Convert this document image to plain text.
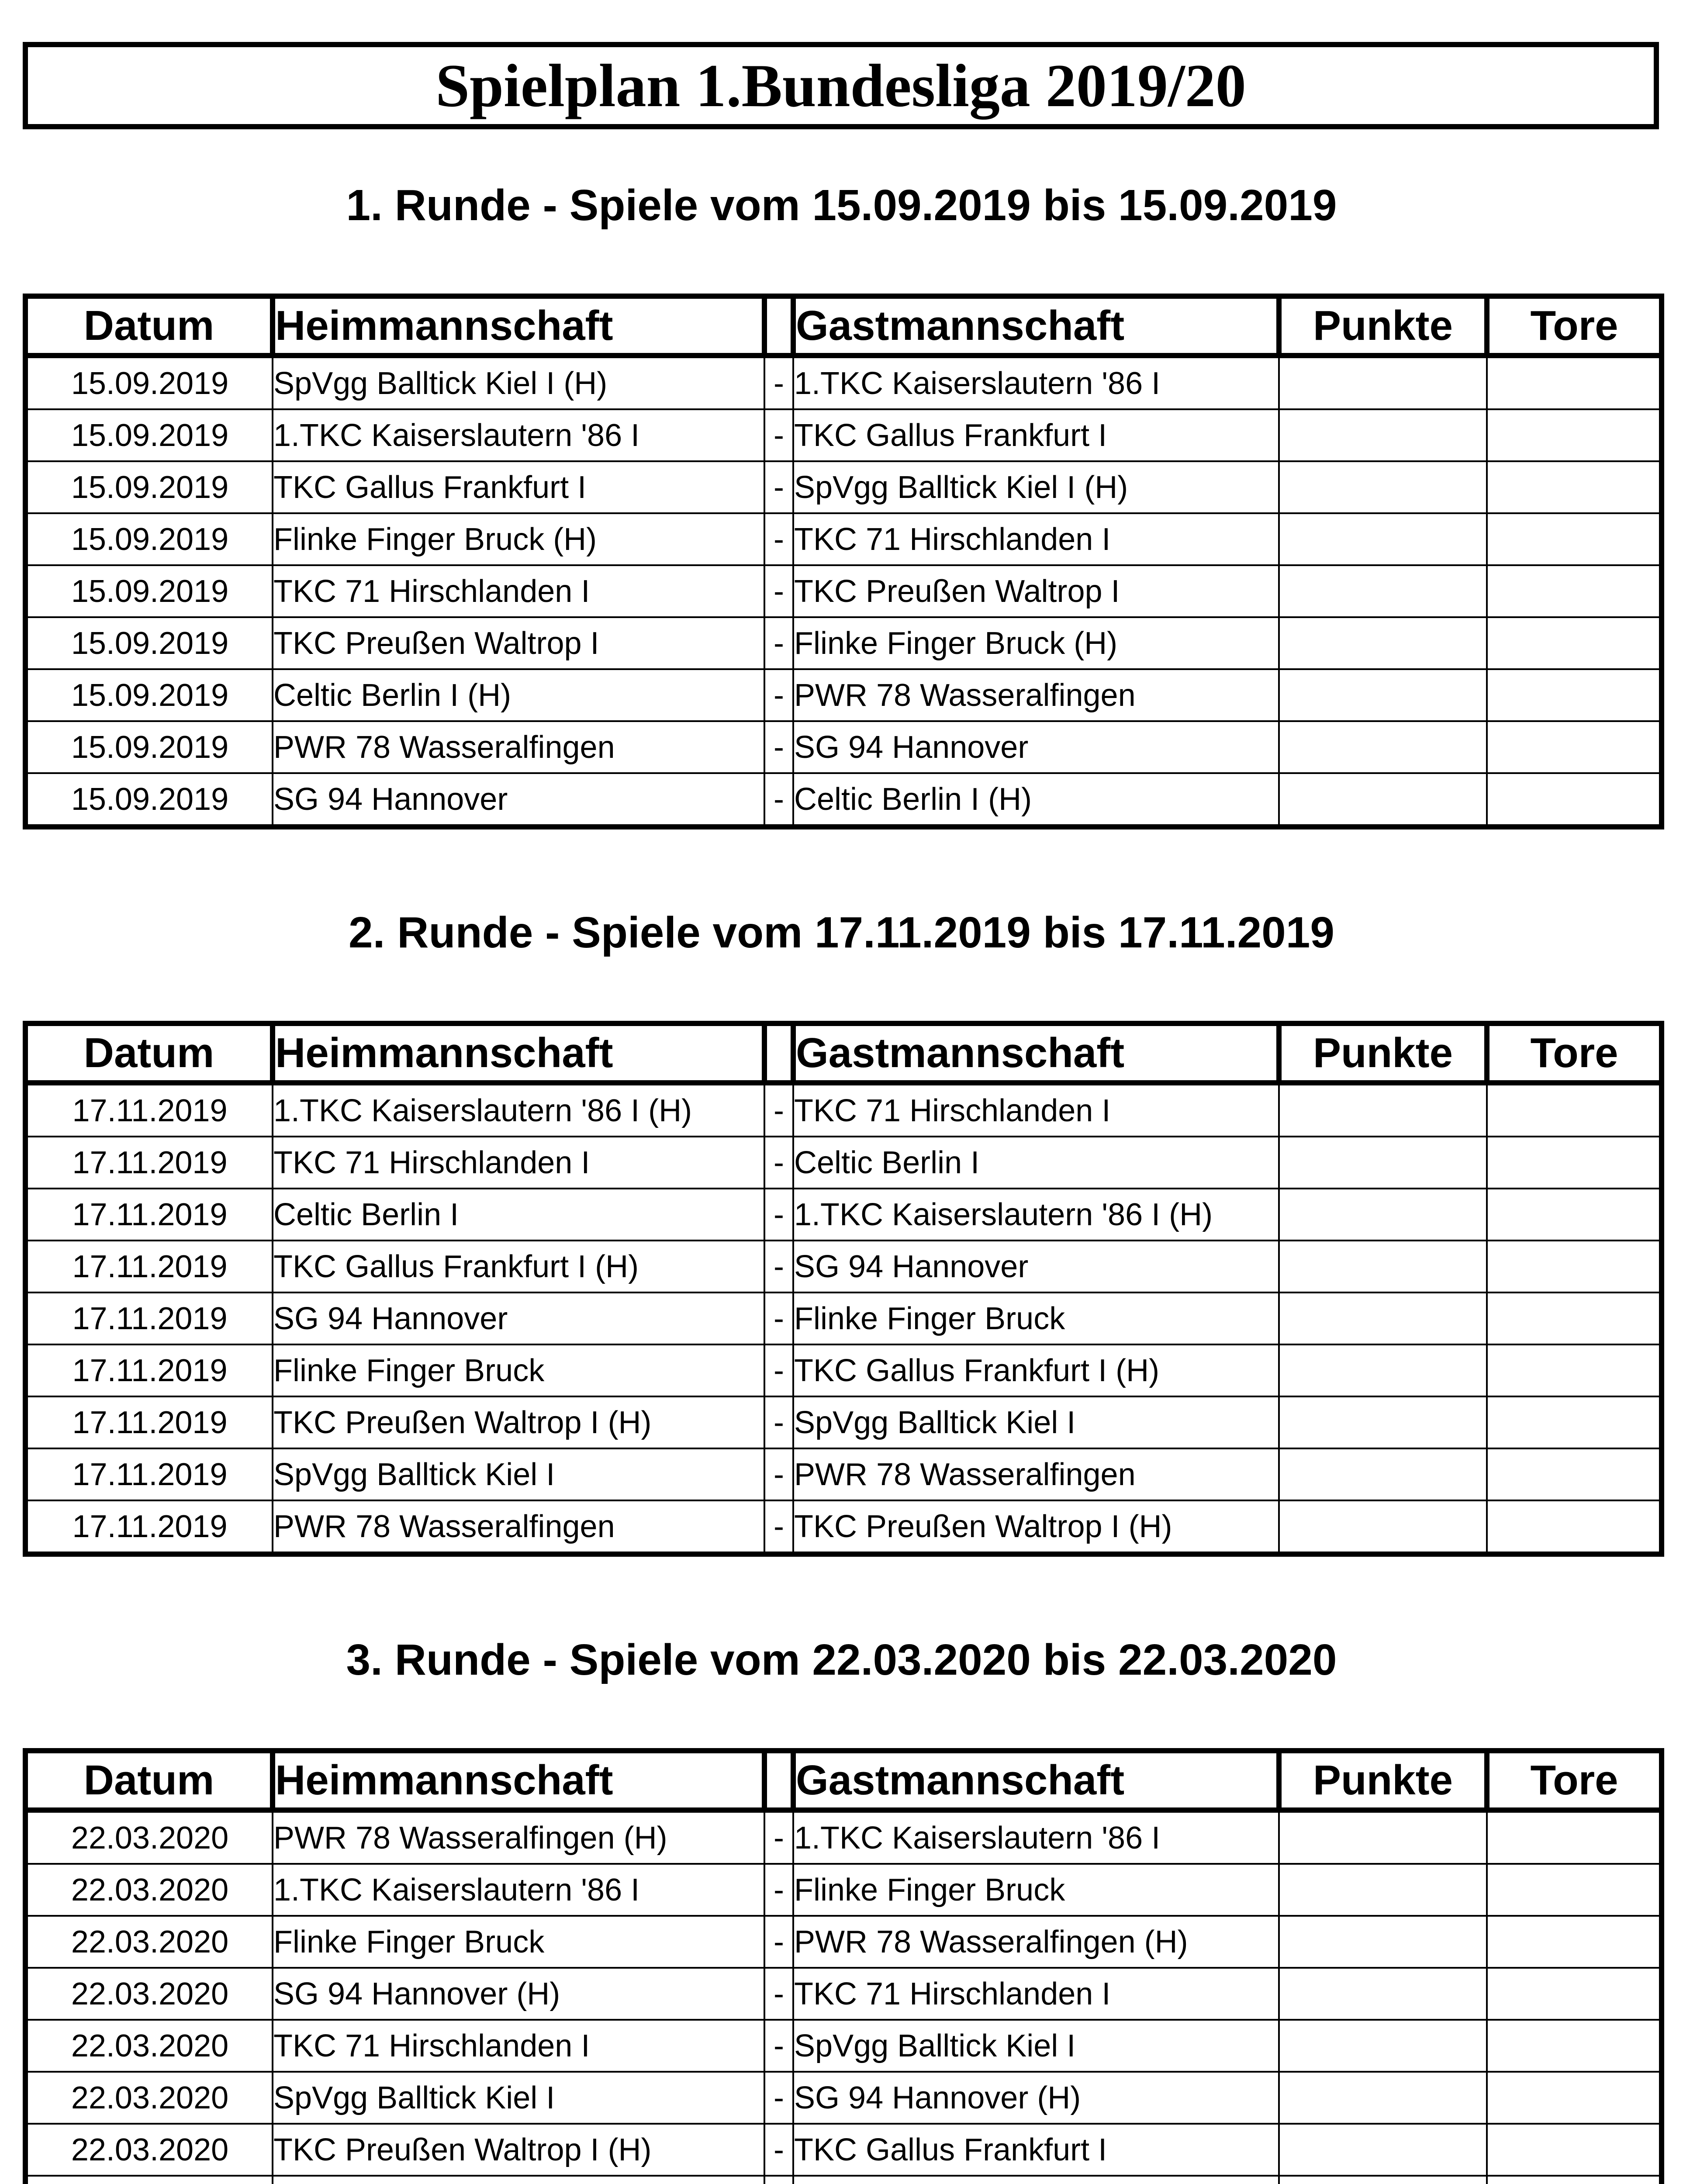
Spielplan 1.Bundesliga 2019/20
1. Runde - Spiele vom 15.09.2019 bis 15.09.2019
Datum	Heimmannschaft		Gastmannschaft	Punkte	Tore
15.09.2019	SpVgg Balltick Kiel I (H)	-	1.TKC Kaiserslautern '86 I		
15.09.2019	1.TKC Kaiserslautern '86 I	-	TKC Gallus Frankfurt I		
15.09.2019	TKC Gallus Frankfurt I	-	SpVgg Balltick Kiel I (H)		
15.09.2019	Flinke Finger Bruck (H)	-	TKC 71 Hirschlanden I		
15.09.2019	TKC 71 Hirschlanden I	-	TKC Preußen Waltrop I		
15.09.2019	TKC Preußen Waltrop I	-	Flinke Finger Bruck (H)		
15.09.2019	Celtic Berlin I (H)	-	PWR 78 Wasseralfingen		
15.09.2019	PWR 78 Wasseralfingen	-	SG 94 Hannover		
15.09.2019	SG 94 Hannover	-	Celtic Berlin I (H)		
2. Runde - Spiele vom 17.11.2019 bis 17.11.2019
Datum	Heimmannschaft		Gastmannschaft	Punkte	Tore
17.11.2019	1.TKC Kaiserslautern '86 I (H)	-	TKC 71 Hirschlanden I		
17.11.2019	TKC 71 Hirschlanden I	-	Celtic Berlin I		
17.11.2019	Celtic Berlin I	-	1.TKC Kaiserslautern '86 I (H)		
17.11.2019	TKC Gallus Frankfurt I (H)	-	SG 94 Hannover		
17.11.2019	SG 94 Hannover	-	Flinke Finger Bruck		
17.11.2019	Flinke Finger Bruck	-	TKC Gallus Frankfurt I (H)		
17.11.2019	TKC Preußen Waltrop I (H)	-	SpVgg Balltick Kiel I		
17.11.2019	SpVgg Balltick Kiel I	-	PWR 78 Wasseralfingen		
17.11.2019	PWR 78 Wasseralfingen	-	TKC Preußen Waltrop I (H)		
3. Runde - Spiele vom 22.03.2020 bis 22.03.2020
Datum	Heimmannschaft		Gastmannschaft	Punkte	Tore
22.03.2020	PWR 78 Wasseralfingen (H)	-	1.TKC Kaiserslautern '86 I		
22.03.2020	1.TKC Kaiserslautern '86 I	-	Flinke Finger Bruck		
22.03.2020	Flinke Finger Bruck	-	PWR 78 Wasseralfingen (H)		
22.03.2020	SG 94 Hannover (H)	-	TKC 71 Hirschlanden I		
22.03.2020	TKC 71 Hirschlanden I	-	SpVgg Balltick Kiel I		
22.03.2020	SpVgg Balltick Kiel I	-	SG 94 Hannover (H)		
22.03.2020	TKC Preußen Waltrop I (H)	-	TKC Gallus Frankfurt I		
